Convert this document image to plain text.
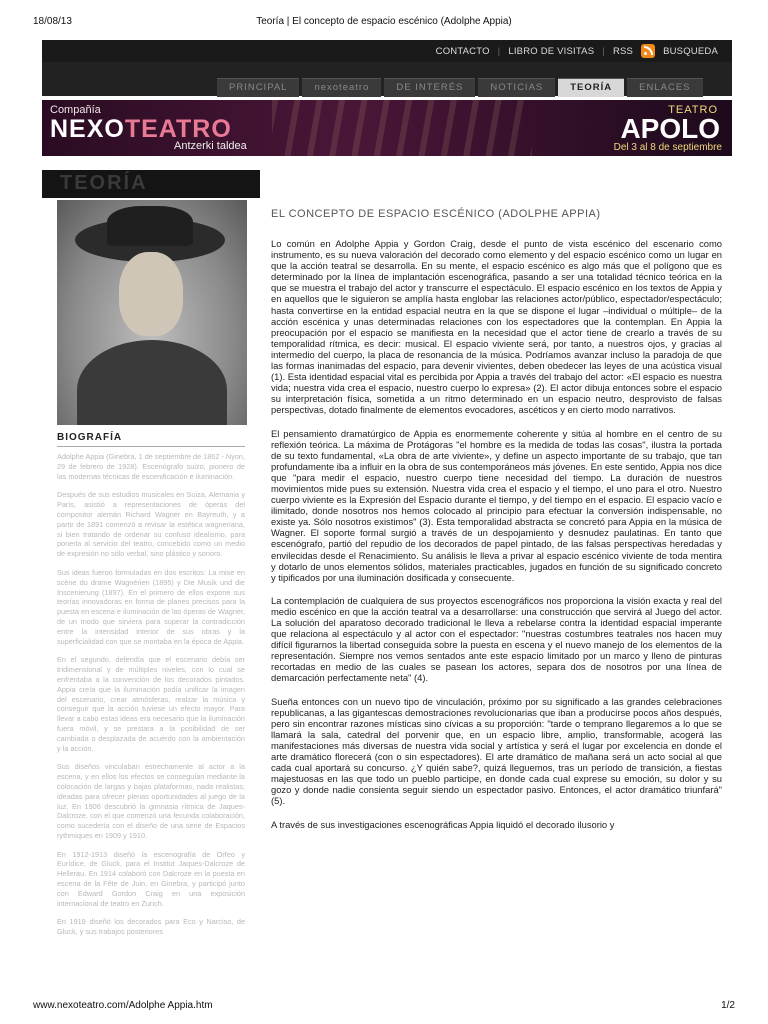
18/08/13	Teoría | El concepto de espacio escénico (Adolphe Appia)
CONTACTO | LIBRO DE VISITAS | RSS	BUSQUEDA
PRINCIPAL	nexoteatro	DE INTERÉS	NOTICIAS	TEORÍA	ENLACES
Compañía
NEXOTEATRO
Antzerki taldea
TEATRO
APOLO
Del 3 al 8 de septiembre
TEORÍA
BIOGRAFÍA

Adolphe Appia (Ginebra, 1 de septiembre de 1862 - Nyon, 29 de febrero de 1928). Escenógrafo suizo, pionero de las modernas técnicas de escenificación e iluminación.

Después de sus estudios musicales en Suiza, Alemania y París, asistió a representaciones de óperas del compositor alemán Richard Wagner en Bayreuth, y a partir de 1891 comenzó a revisar la estética wagneriana, si bien tratando de ordenar su confuso idealismo, para ponerla al servicio del teatro, concebido como un medio de expresión no sólo verbal, sino plástico y sonoro.

Sus ideas fueron formuladas en dos escritos: La mise en scène du drame Wagnérien (1895) y Die Musik und die Inscenierung (1897). En el primero de ellos expone sus teorías innovadoras en forma de planes precisos para la puesta en escena e iluminación de las óperas de Wagner, de un modo que sirviera para superar la contradicción entre la intensidad interior de sus obras y la superficialidad con que se montaba en la época de Appia.

En el segundo, defendía que el escenario debía ser tridimensional y de múltiples niveles, con lo cual se enfrentaba a la convención de los decorados pintados. Appia creía que la iluminación podía unificar la imagen del escenario, crear atmósferas, realzar la música y conseguir que la acción tuviese un efecto mayor. Para llevar a cabo estas ideas era necesario que la iluminación fuera móvil, y se prestara a la posibilidad de ser cambiada o desplazada de acuerdo con la ambientación y la acción.

Sus diseños vinculaban estrechamente al actor a la escena, y en ellos los efectos se conseguían mediante la colocación de largas y bajas plataformas, nada realistas, ideadas para ofrecer plenas oportunidades al juego de la luz. En 1906 descubrió la gimnasia rítmica de Jaques-Dalcroze, con el que comenzó una fecunda colaboración, como sucedería con el diseño de una serie de Espacios rythmiques en 1909 y 1910.

En 1912-1913 diseñó la escenografía de Orfeo y Eurídice, de Gluck, para el Institut Jaques-Dalcroze de Hellerau. En 1914 colaboró con Dalcroze en la puesta en escena de la Fête de Juin, en Ginebra, y participó junto con Edward Gordon Craig en una exposición internacional de teatro en Zurich.

En 1919 diseñó los decorados para Eco y Narciso, de Gluck, y sus trabajos posteriores

EL CONCEPTO DE ESPACIO ESCÉNICO (ADOLPHE APPIA)

Lo común en Adolphe Appia y Gordon Craig, desde el punto de vista escénico del escenario como instrumento, es su nueva valoración del decorado como elemento y del espacio escénico como un lugar en que la acción teatral se desarrolla. En su mente, el espacio escénico es algo más que el polígono que es determinado por la línea de implantación escenográfica, pasando a ser una totalidad técnico teórica en la que se muestra el trabajo del actor y transcurre el espectáculo. El espacio escénico en los textos de Appia y en aquellos que le siguieron se amplía hasta englobar las relaciones actor/público, espectador/espectáculo; hasta convertirse en la entidad espacial neutra en la que se dispone el lugar –individual o múltiple– de la acción escénica y unas determinadas relaciones con los espectadores que la contemplan. En Appia la preocupación por el espacio se manifiesta en la necesidad que el actor tiene de crearlo a través de su temporalidad rítmica, es decir: musical. El espacio viviente será, por tanto, a nuestros ojos, y gracias al intermedio del cuerpo, la placa de resonancia de la música. Podríamos avanzar incluso la paradoja de que las formas inanimadas del espacio, para devenir vivientes, deben obedecer las leyes de una acústica visual (1). Esta identidad espacial vital es percibida por Appia a través del trabajo del actor: «El espacio es nuestra vida; nuestra vida crea el espacio, nuestro cuerpo lo expresa» (2). El actor dibuja entonces sobre el espacio su interpretación física, sometida a un ritmo determinado en un espacio neutro, desprovisto de falsas perspectivas, dotado finalmente de elementos evocadores, ascéticos y en cierto modo narrativos.

El pensamiento dramatúrgico de Appia es enormemente coherente y sitúa al hombre en el centro de su reflexión teórica. La máxima de Protágoras "el hombre es la medida de todas las cosas", ilustra la portada de su texto fundamental, «La obra de arte viviente», y define un aspecto importante de su trabajo, que tan profundamente iba a influir en la obra de sus contemporáneos más jóvenes. En este sentido, Appia nos dice que "para medir el espacio, nuestro cuerpo tiene necesidad del tiempo. La duración de nuestros movimientos mide pues su extensión. Nuestra vida crea el espacio y el tiempo, el uno para el otro. Nuestro cuerpo viviente es la Expresión del Espacio durante el tiempo, y del tiempo en el espacio. El espacio vacío e ilimitado, donde nosotros nos hemos colocado al principio para efectuar la conversión indispensable, no existe ya. Sólo nosotros existimos" (3). Esta temporalidad abstracta se concretó para Appia en la música de Wagner. El soporte formal surgió a través de un despojamiento y desnudez paulatinas. En tanto que escenógrafo, partió del repudio de los decorados de papel pintado, de las falsas perspectivas heredadas y envilecidas desde el Renacimiento. Su análisis le lleva a privar al espacio escénico viviente de toda mentira y dotarlo de unos elementos sólidos, materiales practicables, jugados en función de su significado concreto y tipificados por una iluminación dosificada y consecuente.

La contemplación de cualquiera de sus proyectos escenográficos nos proporciona la visión exacta y real del medio escénico en que la acción teatral va a desarrollarse: una construcción que servirá al Juego del actor. La solución del aparatoso decorado tradicional le lleva a rebelarse contra la identidad espacial imperante que relaciona al espectáculo y al actor con el espectador: "nuestras costumbres teatrales nos hacen muy difícil figurarnos la libertad conseguida sobre la puesta en escena y el nuevo manejo de los elementos de la representación. Siempre nos vemos sentados ante este espacio limitado por un marco y lleno de pinturas recortadas en medio de las cuales se pasean los actores, separa dos de nosotros por una línea de demarcación perfectamente neta" (4).

Sueña entonces con un nuevo tipo de vinculación, próximo por su significado a las grandes celebraciones republicanas, a las gigantescas demostraciones revolucionarias que iban a producirse pocos años después, pero sin encontrar razones místicas sino cívicas a su proporción: "tarde o temprano llegaremos a lo que se llamará la sala, catedral del porvenir que, en un espacio libre, amplio, transformable, acogerá las manifestaciones más diversas de nuestra vida social y artística y será el lugar por excelencia en donde el arte dramático florecerá (con o sin espectadores). El arte dramático de mañana será un acto social al que cada cual aportará su concurso. ¿Y quién sabe?, quizá lleguemos, tras un período de transición, a fiestas majestuosas en las que todo un pueblo participe, en donde cada cual exprese su emoción, su dolor y su gozo y donde nadie consienta seguir siendo un espectador pasivo. Entonces, el actor dramático triunfará" (5).

A través de sus investigaciones escenográficas Appia liquidó el decorado ilusorio y

www.nexoteatro.com/Adolphe Appia.htm	1/2
